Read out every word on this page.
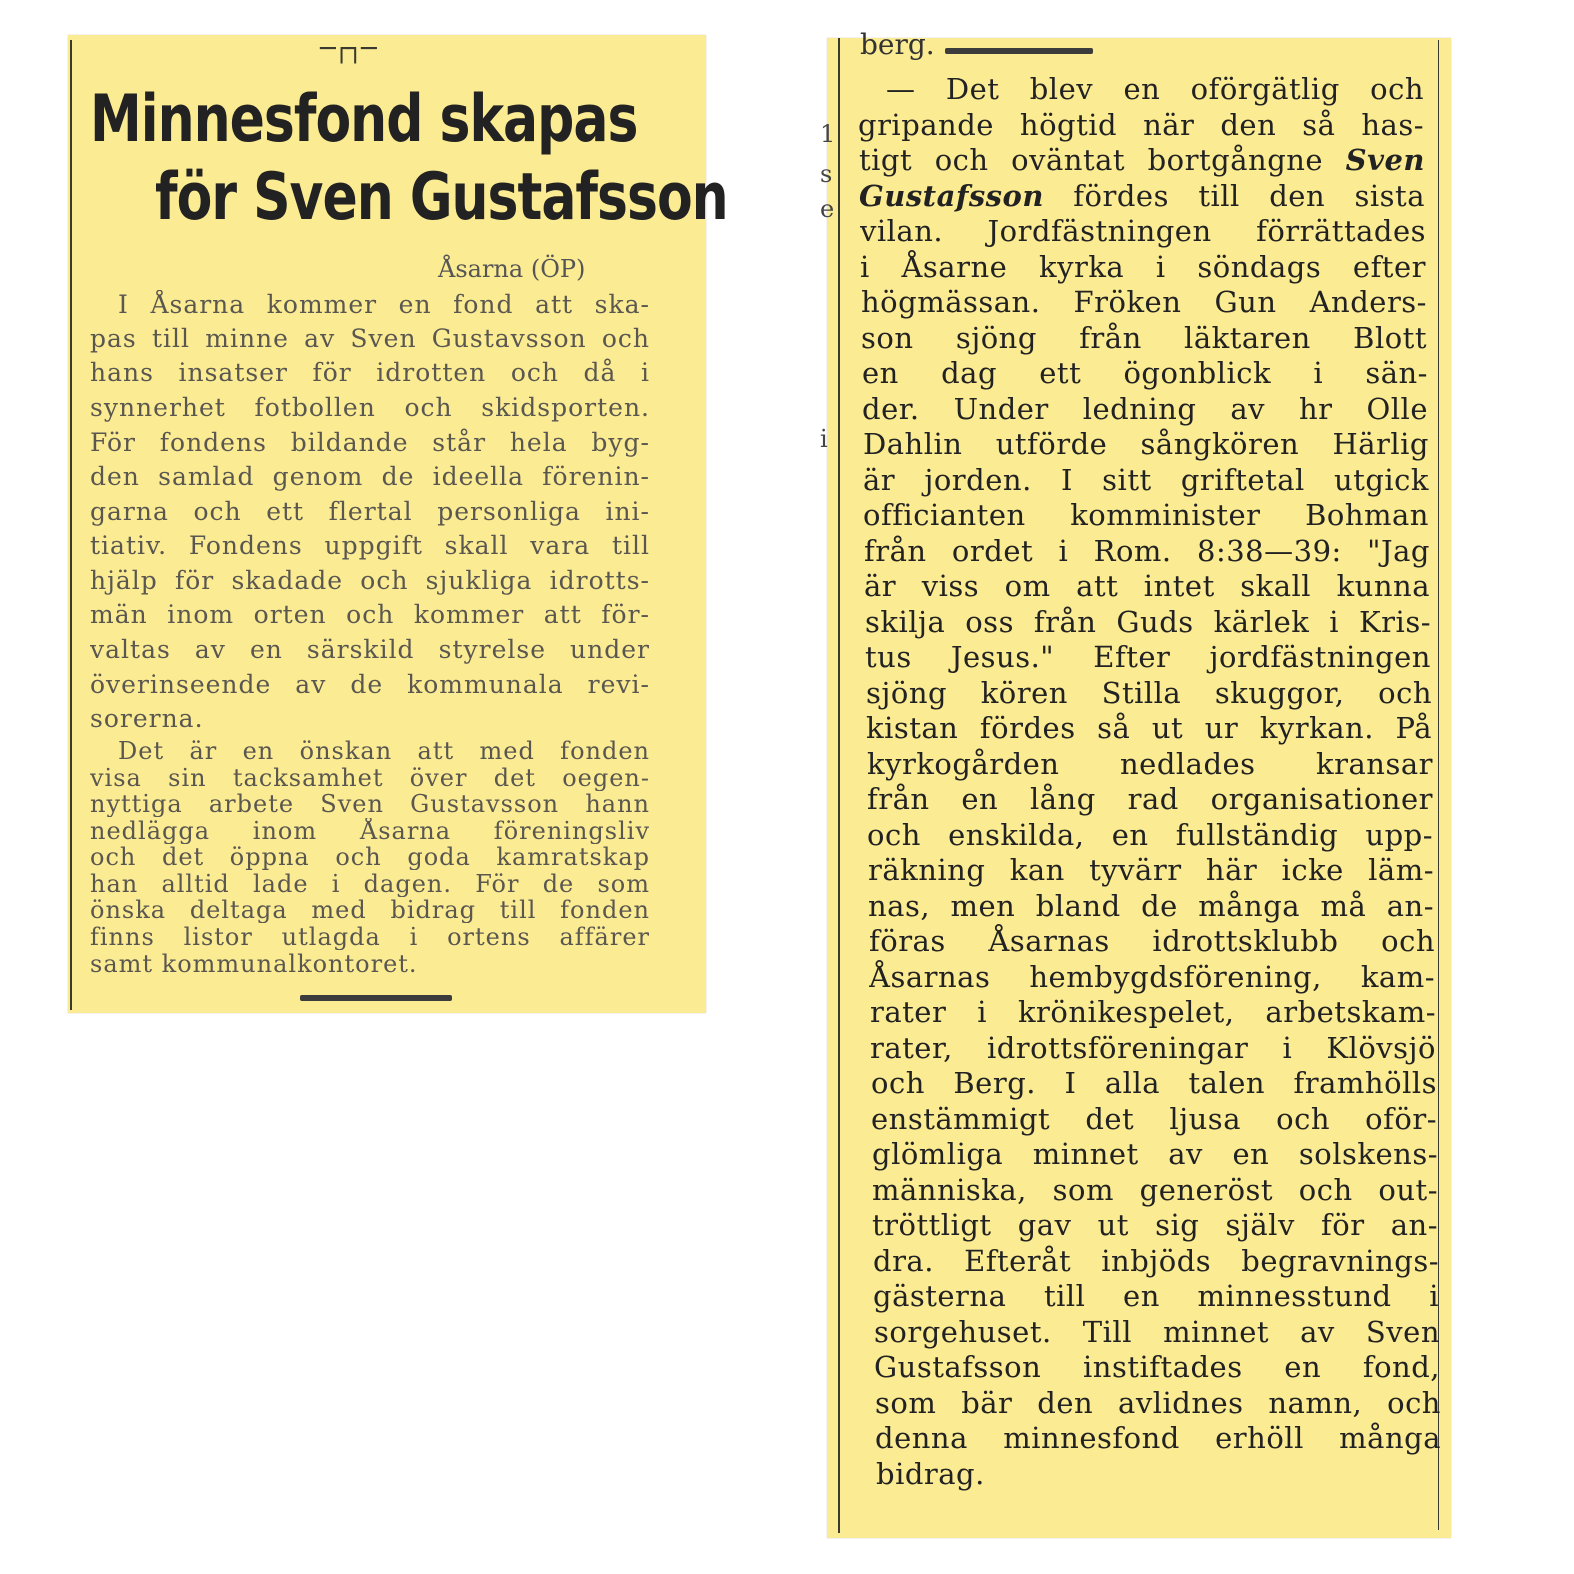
─┌┐─
Minnesfond skapas
för Sven Gustafsson
Åsarna (ÖP)
I Åsarna kommer en fond att ska-
pas till minne av Sven Gustavsson och
hans insatser för idrotten och då i
synnerhet fotbollen och skidsporten.
För fondens bildande står hela byg-
den samlad genom de ideella förenin-
garna och ett flertal personliga ini-
tiativ. Fondens uppgift skall vara till
hjälp för skadade och sjukliga idrotts-
män inom orten och kommer att för-
valtas av en särskild styrelse under
överinseende av de kommunala revi-
sorerna.
Det är en önskan att med fonden
visa sin tacksamhet över det oegen-
nyttiga arbete Sven Gustavsson hann
nedlägga inom Åsarna föreningsliv
och det öppna och goda kamratskap
han alltid lade i dagen. För de som
önska deltaga med bidrag till fonden
finns listor utlagda i ortens affärer
samt kommunalkontoret.
berg.
1
s
e
i
— Det blev en oförgätlig och
gripande högtid när den så has-
tigt och oväntat bortgångne Sven
Gustafsson fördes till den sista
vilan. Jordfästningen förrättades
i Åsarne kyrka i söndags efter
högmässan. Fröken Gun Anders-
son sjöng från läktaren Blott
en dag ett ögonblick i sän-
der. Under ledning av hr Olle
Dahlin utförde sångkören Härlig
är jorden. I sitt griftetal utgick
officianten komminister Bohman
från ordet i Rom. 8:38—39: "Jag
är viss om att intet skall kunna
skilja oss från Guds kärlek i Kris-
tus Jesus." Efter jordfästningen
sjöng kören Stilla skuggor, och
kistan fördes så ut ur kyrkan. På
kyrkogården nedlades kransar
från en lång rad organisationer
och enskilda, en fullständig upp-
räkning kan tyvärr här icke läm-
nas, men bland de många må an-
föras Åsarnas idrottsklubb och
Åsarnas hembygdsförening, kam-
rater i krönikespelet, arbetskam-
rater, idrottsföreningar i Klövsjö
och Berg. I alla talen framhölls
enstämmigt det ljusa och oför-
glömliga minnet av en solskens-
människa, som generöst och out-
tröttligt gav ut sig själv för an-
dra. Efteråt inbjöds begravnings-
gästerna till en minnesstund i
sorgehuset. Till minnet av Sven
Gustafsson instiftades en fond,
som bär den avlidnes namn, och
denna minnesfond erhöll många
bidrag.
